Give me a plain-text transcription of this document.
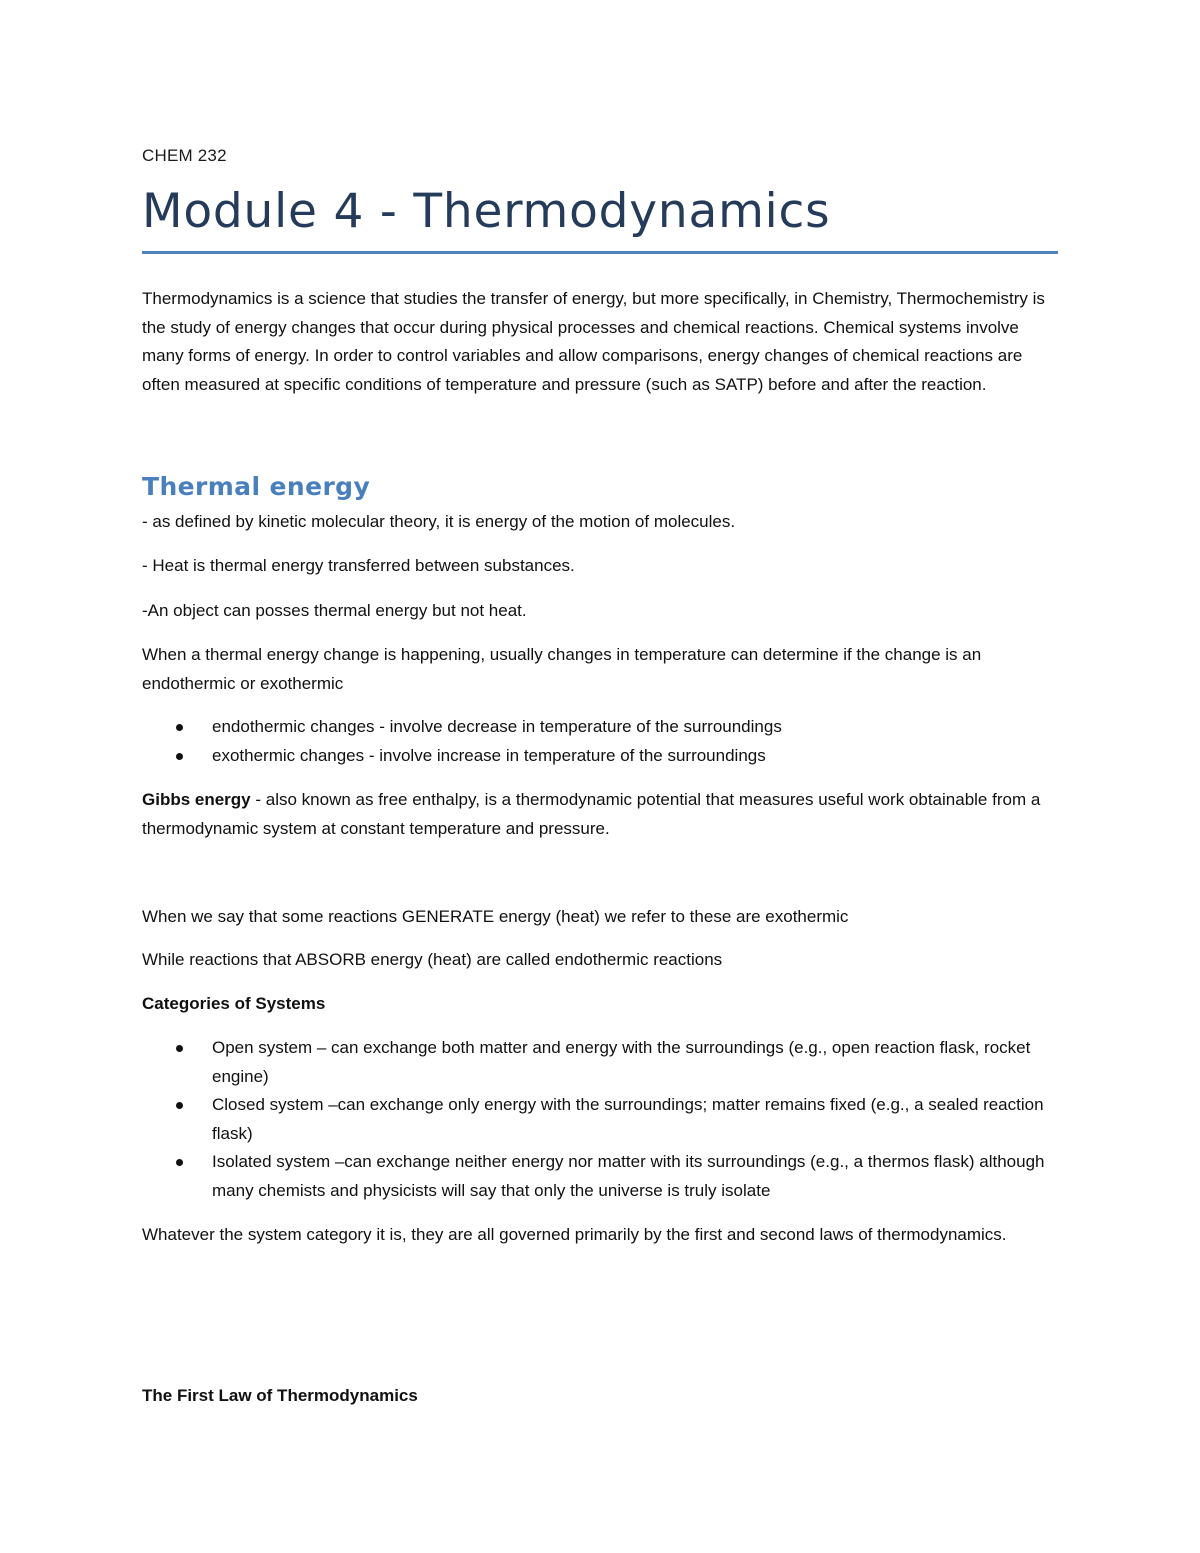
CHEM 232
Module 4 - Thermodynamics
Thermodynamics is a science that studies the transfer of energy, but more specifically, in Chemistry, Thermochemistry is the study of energy changes that occur during physical processes and chemical reactions. Chemical systems involve many forms of energy. In order to control variables and allow comparisons, energy changes of chemical reactions are often measured at specific conditions of temperature and pressure (such as SATP) before and after the reaction.
Thermal energy
- as defined by kinetic molecular theory, it is energy of the motion of molecules.
- Heat is thermal energy transferred between substances.
-An object can posses thermal energy but not heat.
When a thermal energy change is happening, usually changes in temperature can determine if the change is an endothermic or exothermic
endothermic changes - involve decrease in temperature of the surroundings
exothermic changes - involve increase in temperature of the surroundings
Gibbs energy - also known as free enthalpy, is a thermodynamic potential that measures useful work obtainable from a thermodynamic system at constant temperature and pressure.
When we say that some reactions GENERATE energy (heat) we refer to these are exothermic
While reactions that ABSORB energy (heat) are called endothermic reactions
Categories of Systems
Open system – can exchange both matter and energy with the surroundings (e.g., open reaction flask, rocket engine)
Closed system –can exchange only energy with the surroundings; matter remains fixed (e.g., a sealed reaction flask)
Isolated system –can exchange neither energy nor matter with its surroundings (e.g., a thermos flask) although many chemists and physicists will say that only the universe is truly isolate
Whatever the system category it is, they are all governed primarily by the first and second laws of thermodynamics.
The First Law of Thermodynamics
